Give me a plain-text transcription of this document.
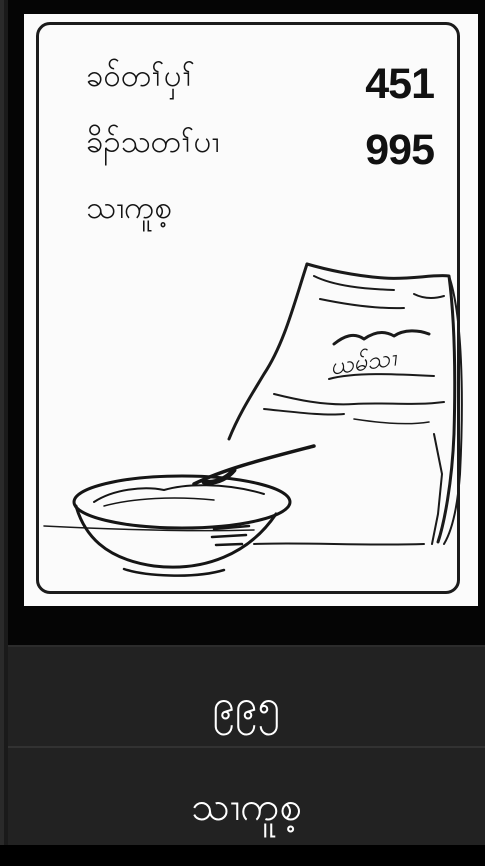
ခဝ်တၢ်ပှၢ်	451
ခိၣ်သတၢ်ပၢ	995
သၢကူစ့
ယမ်သၢ
၉၉၅
သၢကူစ့
